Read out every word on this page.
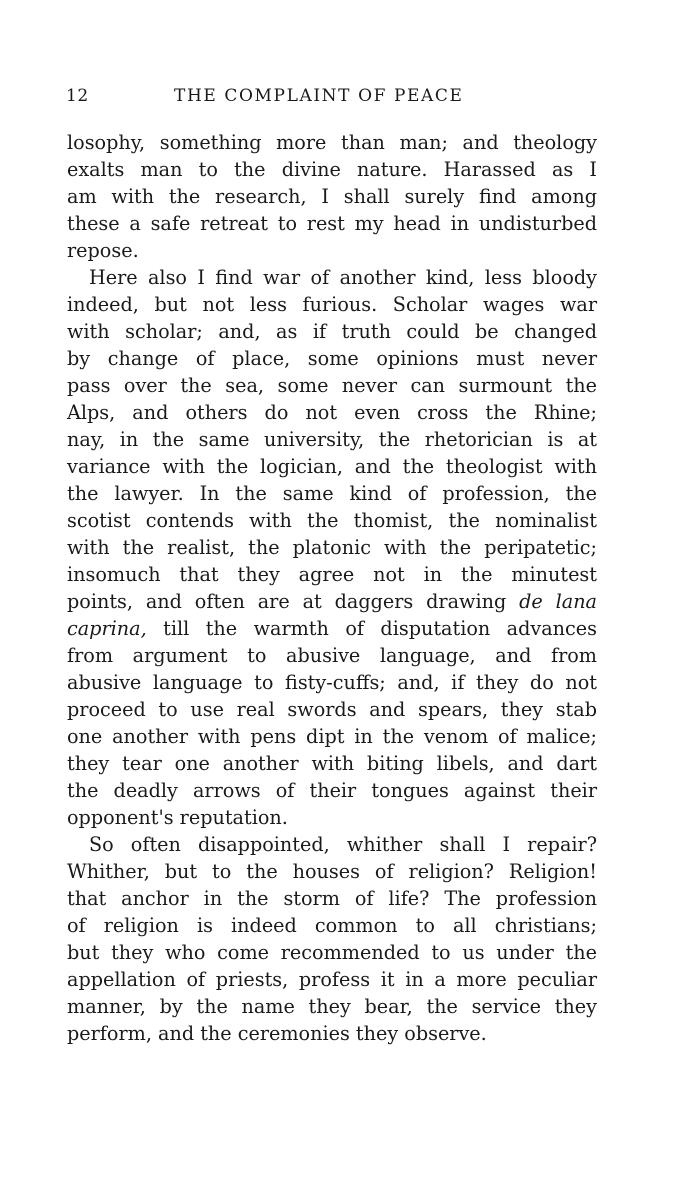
12	THE COMPLAINT OF PEACE
losophy, something more than man; and theology
exalts man to the divine nature. Harassed as I
am with the research, I shall surely find among
these a safe retreat to rest my head in undisturbed
repose.
Here also I find war of another kind, less bloody
indeed, but not less furious. Scholar wages war
with scholar; and, as if truth could be changed
by change of place, some opinions must never
pass over the sea, some never can surmount the
Alps, and others do not even cross the Rhine;
nay, in the same university, the rhetorician is at
variance with the logician, and the theologist with
the lawyer. In the same kind of profession, the
scotist contends with the thomist, the nominalist
with the realist, the platonic with the peripatetic;
insomuch that they agree not in the minutest
points, and often are at daggers drawing de lana
caprina, till the warmth of disputation advances
from argument to abusive language, and from
abusive language to fisty-cuffs; and, if they do not
proceed to use real swords and spears, they stab
one another with pens dipt in the venom of malice;
they tear one another with biting libels, and dart
the deadly arrows of their tongues against their
opponent's reputation.
So often disappointed, whither shall I repair?
Whither, but to the houses of religion? Religion!
that anchor in the storm of life? The profession
of religion is indeed common to all christians;
but they who come recommended to us under the
appellation of priests, profess it in a more peculiar
manner, by the name they bear, the service they
perform, and the ceremonies they observe.
